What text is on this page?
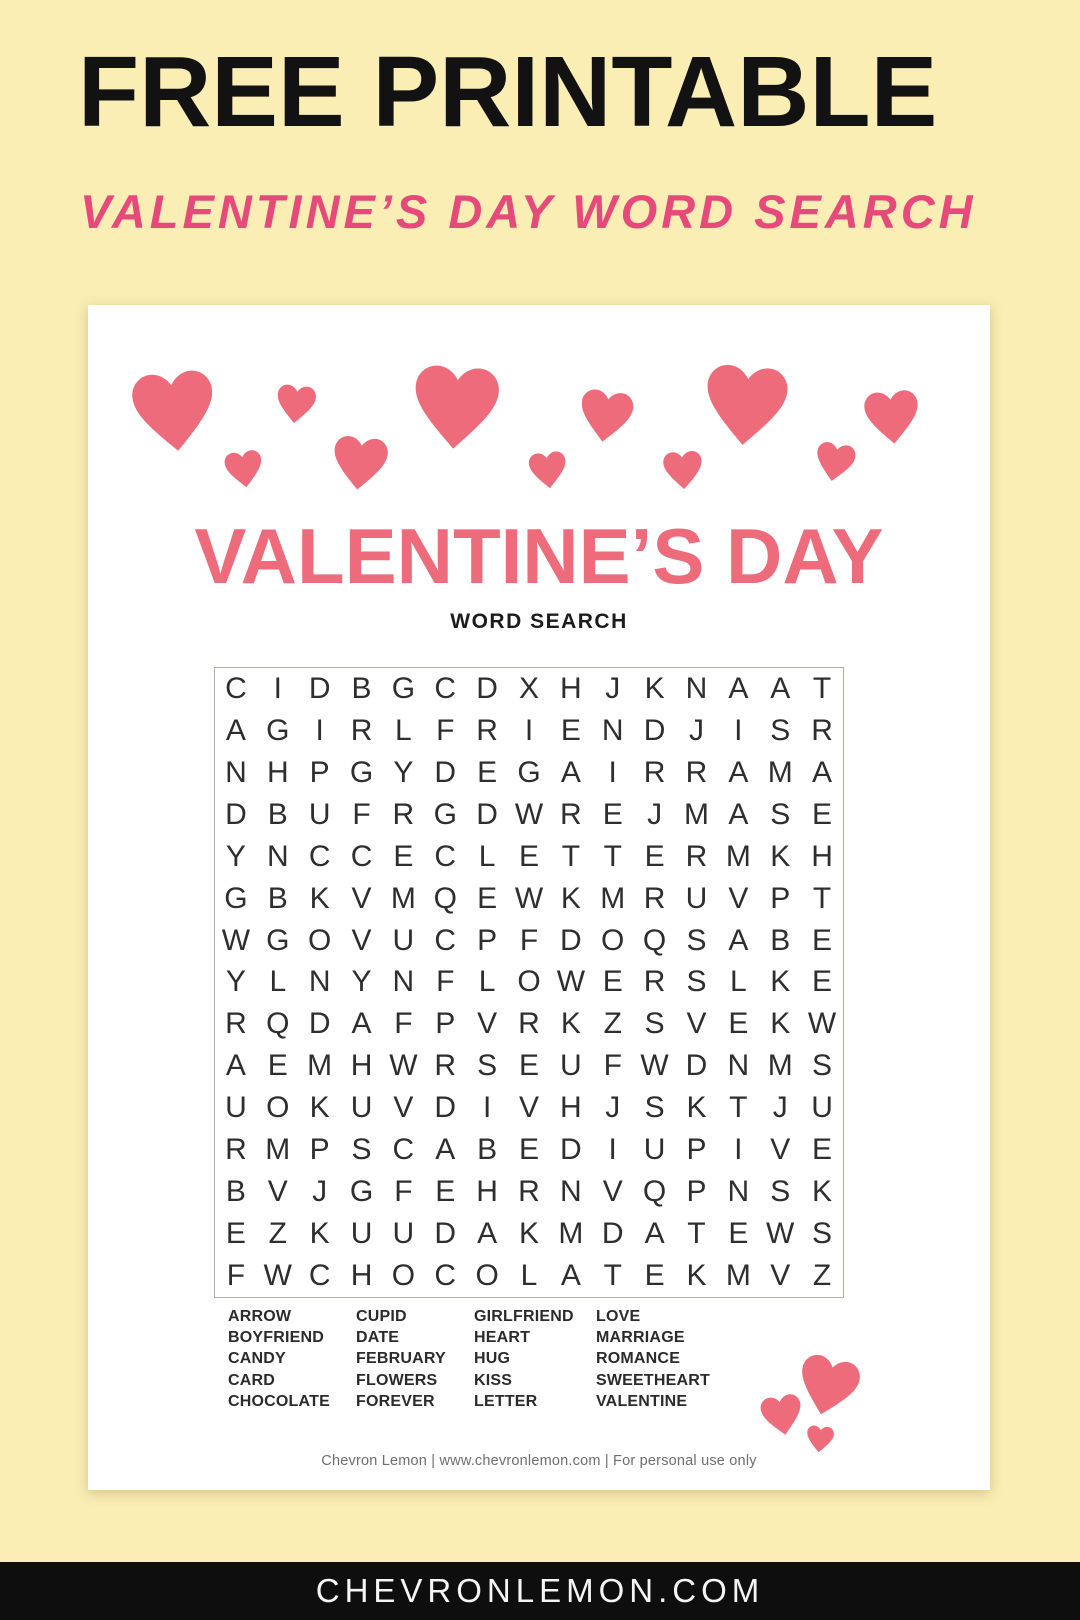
FREE PRINTABLE
VALENTINE’S DAY WORD SEARCH
VALENTINE’S DAY
WORD SEARCH
C I D B G C D X H J K N A A T
A G I R L F R I E N D J	I S R
N H P G Y D E G A I R R A M A
D B U F R G D W R E J M A S E
Y N C C E C L E T T E R M K H
G B K V M Q E W K M R U V P T
W G O V U C P F D O Q S A B E
Y L N Y N F L O W E R S L K E
R Q D A F P V R K Z S V E K W
A E M H W R S E U F W D N M S
U O K U V D I V H J S K T J U
R M P S C A B E D I U P I V E
B V J G F E H R N V Q P N S K
E Z K U U D A K M D A T E W S
F W C H O C O L A T E K M V Z
ARROW
BOYFRIEND
CANDY
CARD
CHOCOLATE
CUPID
DATE
FEBRUARY
FLOWERS
FOREVER
GIRLFRIEND
HEART
HUG
KISS
LETTER
LOVE
MARRIAGE
ROMANCE
SWEETHEART
VALENTINE
Chevron Lemon | www.chevronlemon.com | For personal use only
CHEVRONLEMON.COM
